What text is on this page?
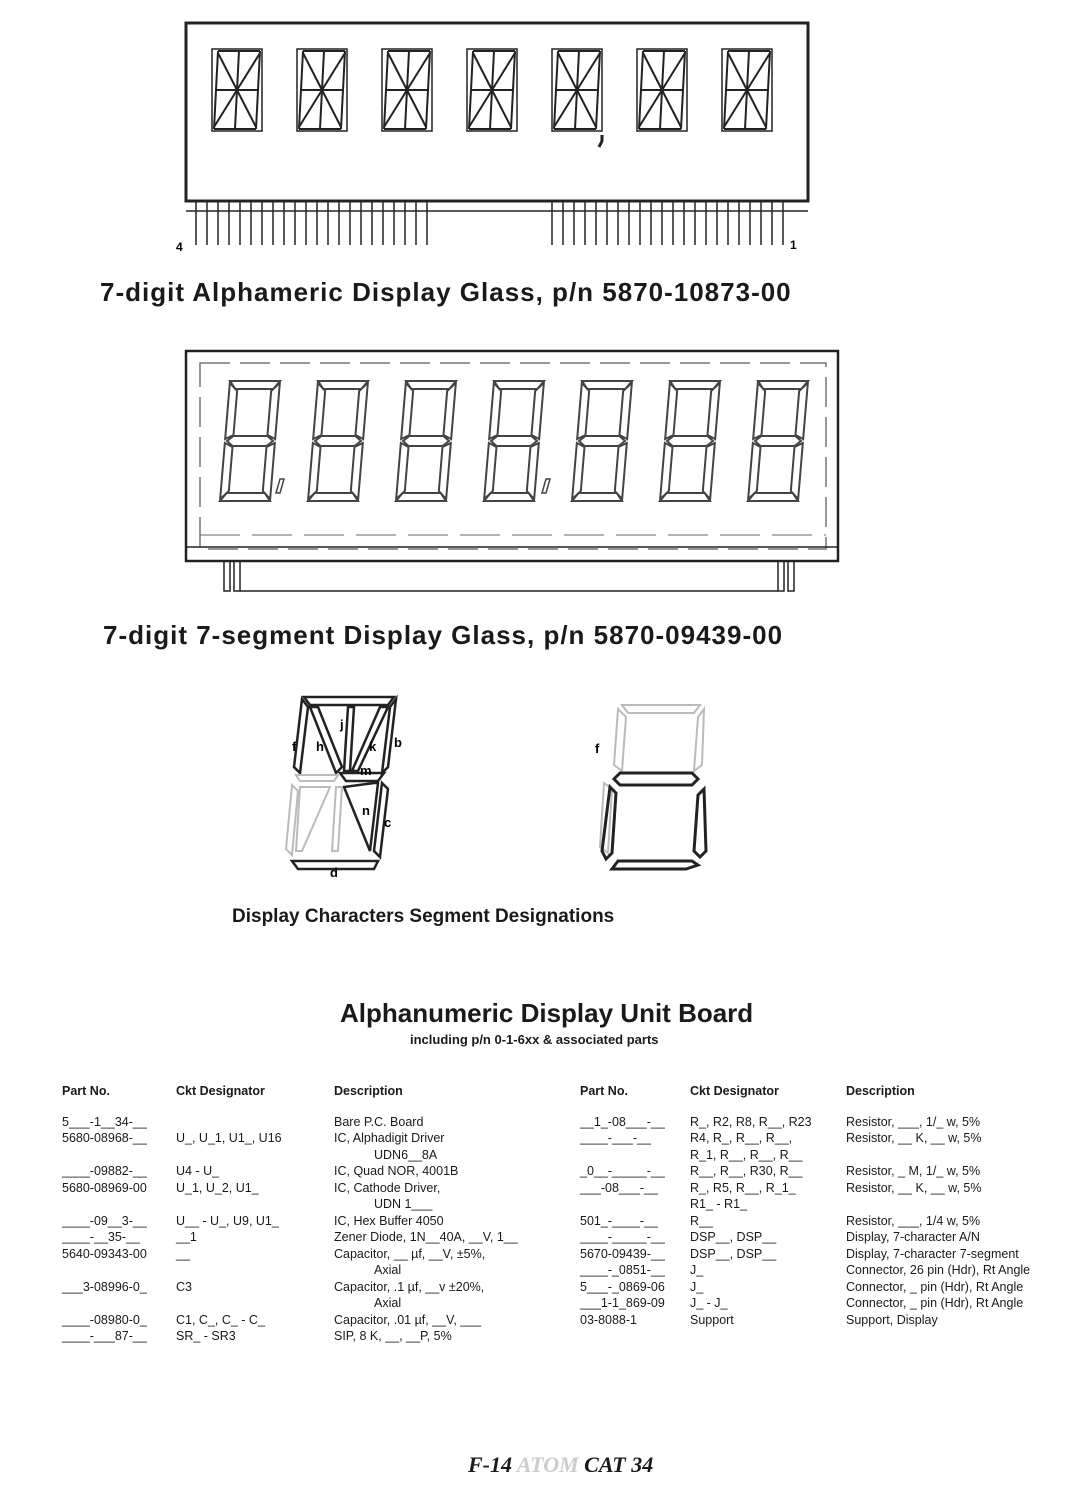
4	1
7-digit Alphameric Display Glass, p/n 5870-10873-00
7-digit 7-segment Display Glass, p/n 5870-09439-00
f h
j
k b
m
n
c
d
f
Display Characters Segment Designations
Alphanumeric Display Unit Board
including p/n 0-1-6xx & associated parts
Part No.	Ckt Designator	Description
5___-1__34-__		Bare P.C. Board
5680-08968-__	U_, U_1, U1_, U16	IC, Alphadigit Driver
		UDN6__8A
____-09882-__	U4 - U_	IC, Quad NOR, 4001B
5680-08969-00	U_1, U_2, U1_	IC, Cathode Driver,
		UDN 1___
____-09__3-__	U__ - U_, U9, U1_	IC, Hex Buffer 4050
____-__35-__	__1	Zener Diode, 1N__40A, __V, 1__
5640-09343-00	__	Capacitor, __ µf, __V, ±5%,
		Axial
___3-08996-0_	C3	Capacitor, .1 µf, __v ±20%,
		Axial
____-08980-0_	C1, C_, C_ - C_	Capacitor, .01 µf, __V, ___
____-___87-__	SR_ - SR3	SIP, 8 K, __, __P, 5%
Part No.	Ckt Designator	Description
__1_-08___-__	R_, R2, R8, R__, R23	Resistor, ___, 1/_ w, 5%
____-___-__	R4, R_, R__, R__,	Resistor, __ K, __ w, 5%
	R_1, R__, R__, R__	
_0__-_____-__	R__, R__, R30, R__	Resistor, _ M, 1/_ w, 5%
___-08___-__	R_, R5, R__, R_1_	Resistor, __ K, __ w, 5%
	R1_ - R1_	
501_-____-__	R__	Resistor, ___, 1/4 w, 5%
____-_____-__	DSP__, DSP__	Display, 7-character A/N
5670-09439-__	DSP__, DSP__	Display, 7-character 7-segment
____-_0851-__	J_	Connector, 26 pin (Hdr), Rt Angle
5___-_0869-06	J_	Connector, _ pin (Hdr), Rt Angle
___1-1_869-09	J_ - J_	Connector, _ pin (Hdr), Rt Angle
03-8088-1	Support	Support, Display
F-14 ATOM CAT 34
